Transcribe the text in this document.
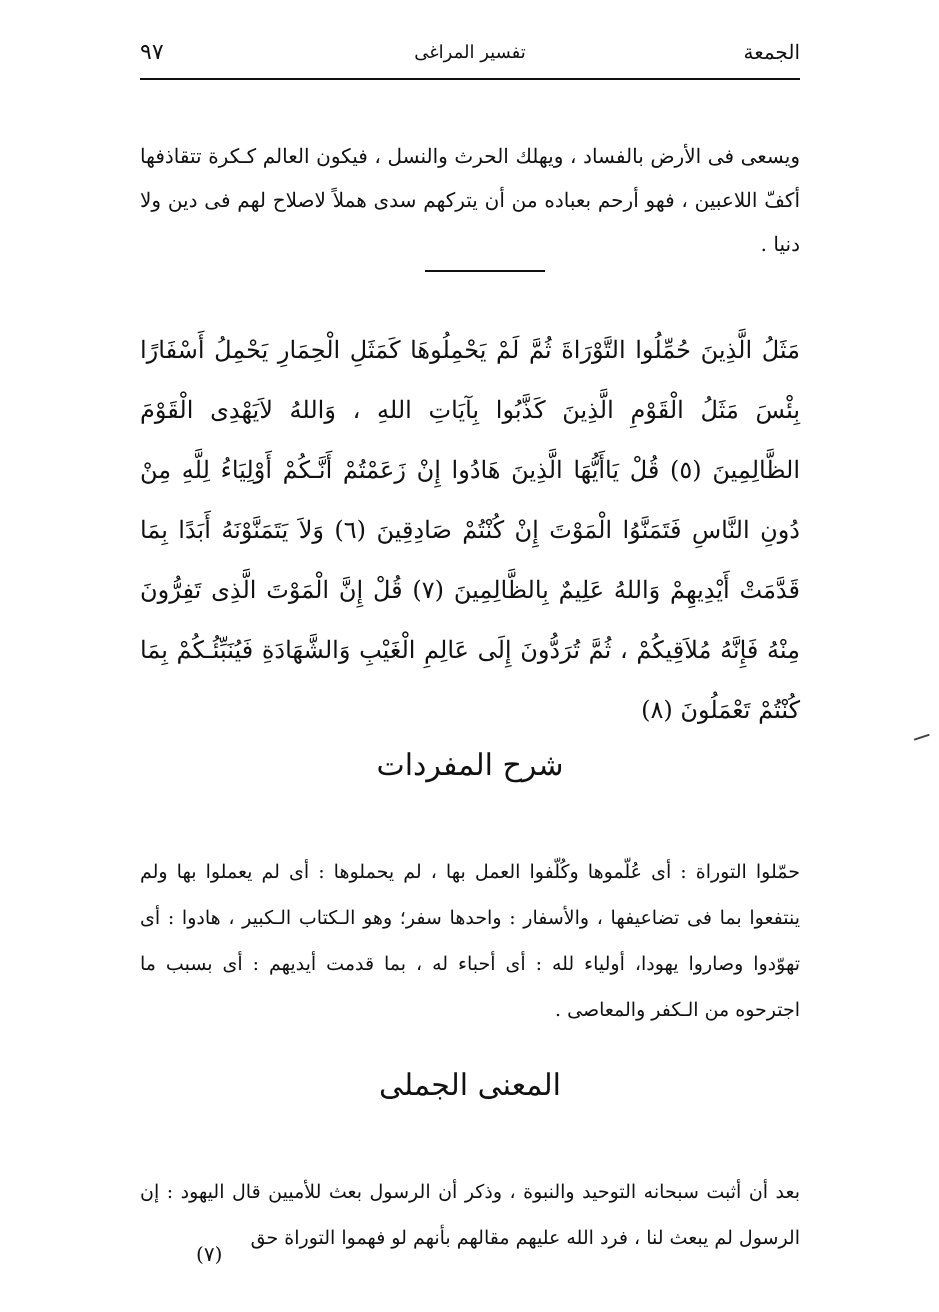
٩٧	تفسير المراغى	الجمعة

ويسعى فى الأرض بالفساد ، ويهلك الحرث والنسل ، فيكون العالم كـكرة تتقاذفها أكفّ اللاعبين ، فهو أرحم بعباده من أن يتركهم سدى هملاً لاصلاح لهم فى دين ولا دنيا .

مَثَلُ الَّذِينَ حُمِّلُوا التَّوْرَاةَ ثُمَّ لَمْ يَحْمِلُوهَا كَمَثَلِ الْحِمَارِ يَحْمِلُ أَسْفَارًا بِئْسَ مَثَلُ الْقَوْمِ الَّذِينَ كَذَّبُوا بِآيَاتِ اللهِ ، وَاللهُ لاَيَهْدِى الْقَوْمَ الظَّالِمِينَ (٥) قُلْ يَاأَيُّهَا الَّذِينَ هَادُوا إِنْ زَعَمْتُمْ أَنَّـكُمْ أَوْلِيَاءُ لِلَّهِ مِنْ دُونِ النَّاسِ فَتَمَنَّوُا الْمَوْتَ إِنْ كُنْتُمْ صَادِقِينَ (٦) وَلاَ يَتَمَنَّوْنَهُ أَبَدًا بِمَا قَدَّمَتْ أَيْدِيهِمْ وَاللهُ عَلِيمٌ بِالظَّالِمِينَ (٧) قُلْ إِنَّ الْمَوْتَ الَّذِى تَفِرُّونَ مِنْهُ فَإِنَّهُ مُلاَقِيكُمْ ، ثُمَّ تُرَدُّونَ إِلَى عَالِمِ الْغَيْبِ وَالشَّهَادَةِ فَيُنَبِّئُـكُمْ بِمَا كُنْتُمْ تَعْمَلُونَ (٨)

شرح المفردات

حمّلوا التوراة : أى عُلّموها وكُلّفوا العمل بها ، لم يحملوها : أى لم يعملوا بها ولم ينتفعوا بما فى تضاعيفها ، والأسفار : واحدها سفر؛ وهو الـكتاب الـكبير ، هادوا : أى تهوّدوا وصاروا يهودا، أولياء لله : أى أحباء له ، بما قدمت أيديهم : أى بسبب ما اجترحوه من الـكفر والمعاصى .

المعنى الجملى

بعد أن أثبت سبحانه التوحيد والنبوة ، وذكر أن الرسول بعث للأميين قال اليهود : إن الرسول لم يبعث لنا ، فرد الله عليهم مقالهم بأنهم لو فهموا التوراة حق

(٧)
